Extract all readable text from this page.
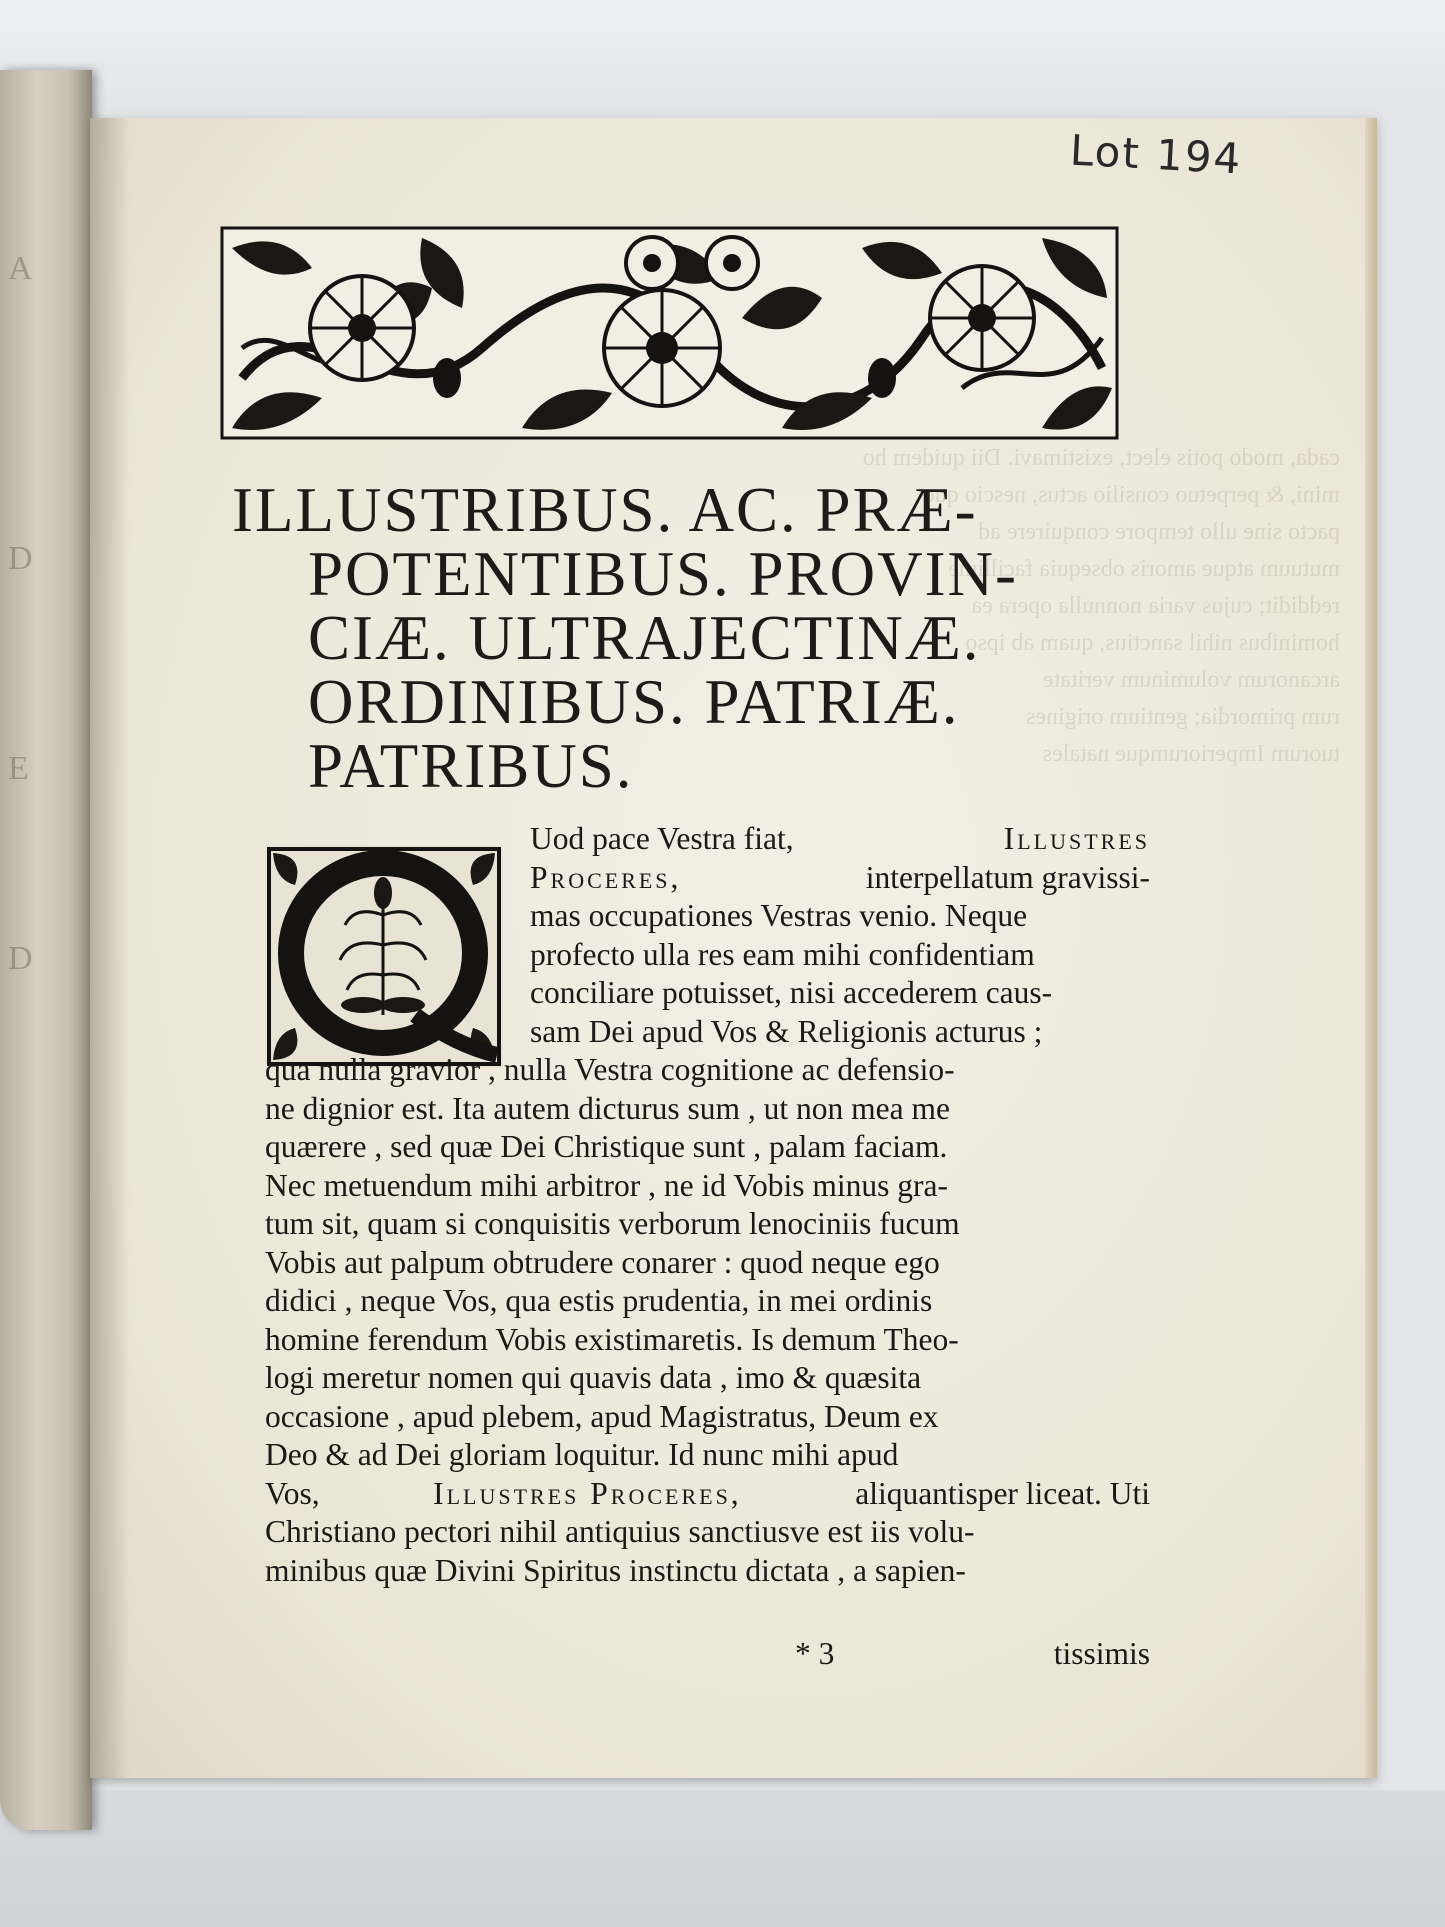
A
D
E
D
cada, modo potis elect, existimavi. Dii
mini, & perpetuo consilio actus, nescio
pacto sine ullo tempore conquirere ad
mutuum atque amoris obsequia facillime
reddidit; cujus varia nonnulla opera ea
hominibus nihil sanctius, quam ab ipso
arcanorum voluminum veritate
rum primordia; gentium origines
tuorum Imperiorumque natales
Lot 194
ILLUSTRIBUS. AC. PRÆ-
POTENTIBUS. PROVIN-
CIÆ. ULTRAJECTINÆ.
ORDINIBUS. PATRIÆ.
PATRIBUS.
Uod pace Vestra fiat,	Illustres
Proceres,	interpellatum gravissi-
mas occupationes Vestras venio. Neque
profecto ulla res eam mihi confidentiam
conciliare potuisset, nisi accederem caus-
sam Dei apud Vos & Religionis acturus ;
qua nulla gravior , nulla Vestra cognitione ac defensio-
ne dignior est. Ita autem dicturus sum , ut non mea me
quærere , sed quæ Dei Christique sunt , palam faciam.
Nec metuendum mihi arbitror , ne id Vobis minus gra-
tum sit, quam si conquisitis verborum lenociniis fucum
Vobis aut palpum obtrudere conarer : quod neque ego
didici , neque Vos, qua estis prudentia, in mei ordinis
homine ferendum Vobis existimaretis. Is demum Theo-
logi meretur nomen qui quavis data , imo & quæsita
occasione , apud plebem, apud Magistratus, Deum ex
Deo & ad Dei gloriam loquitur. Id nunc mihi apud
Vos,	Illustres Proceres,	aliquantisper liceat. Uti
Christiano pectori nihil antiquius sanctiusve est iis volu-
minibus quæ Divini Spiritus instinctu dictata , a sapien-
* 3	tissimis
